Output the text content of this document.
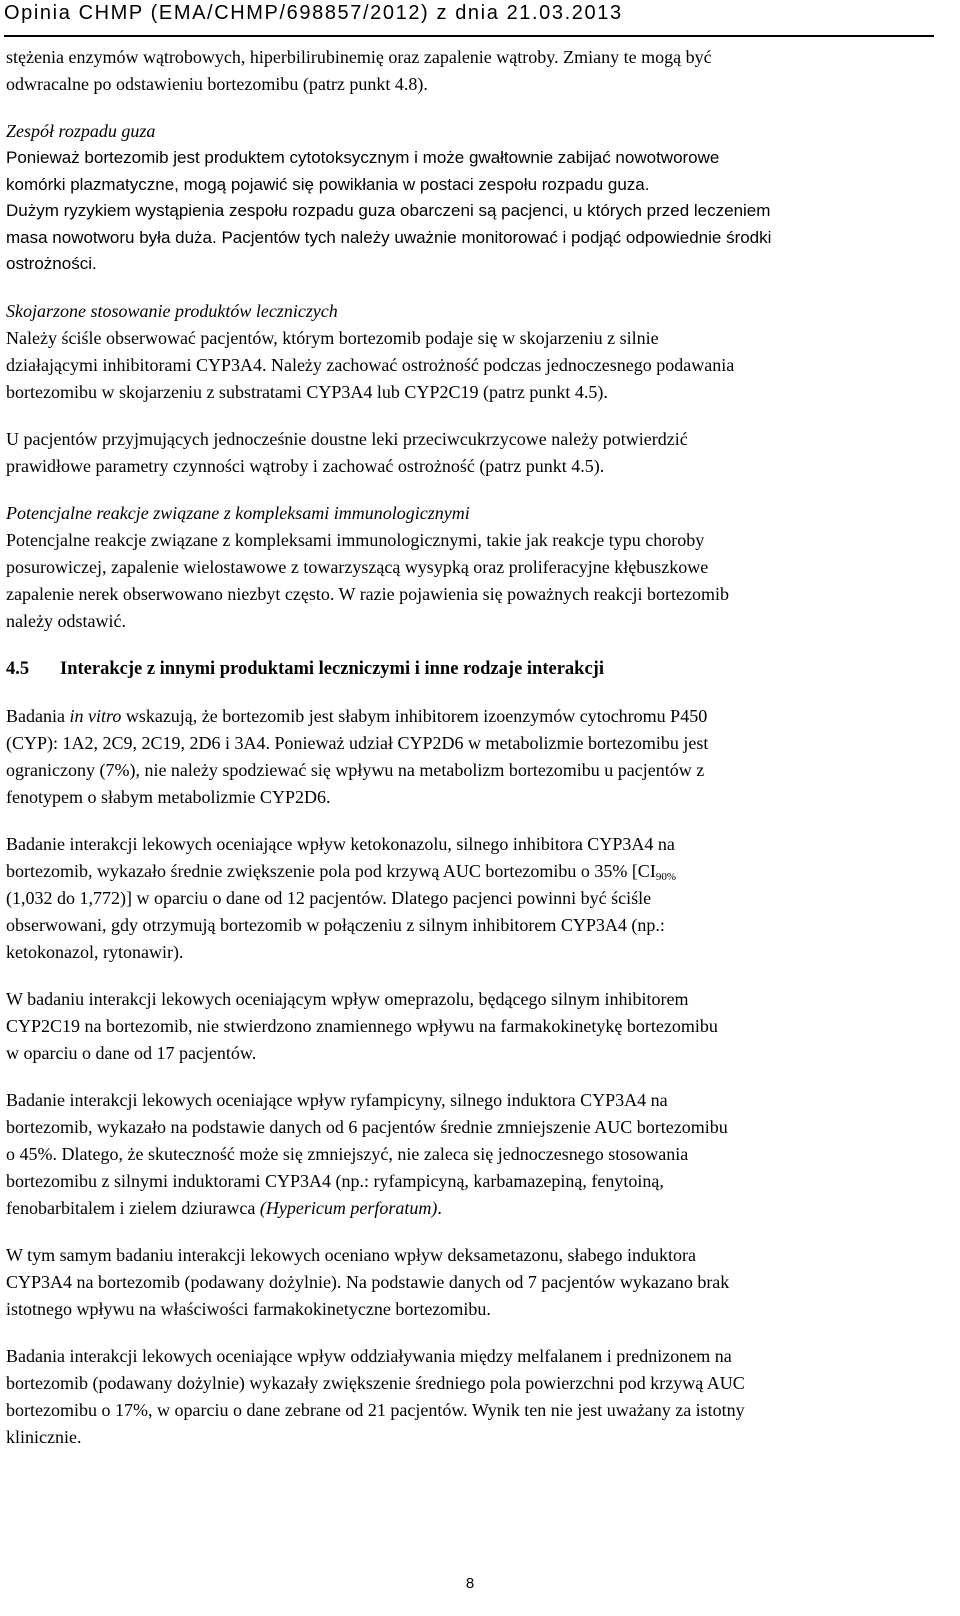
Opinia CHMP (EMA/CHMP/698857/2012) z dnia 21.03.2013

stężenia enzymów wątrobowych, hiperbilirubinemię oraz zapalenie wątroby. Zmiany te mogą być
odwracalne po odstawieniu bortezomibu (patrz punkt 4.8).

Zespół rozpadu guza

Ponieważ bortezomib jest produktem cytotoksycznym i może gwałtownie zabijać nowotworowe
komórki plazmatyczne, mogą pojawić się powikłania w postaci zespołu rozpadu guza.
Dużym ryzykiem wystąpienia zespołu rozpadu guza obarczeni są pacjenci, u których przed leczeniem
masa nowotworu była duża. Pacjentów tych należy uważnie monitorować i podjąć odpowiednie środki
ostrożności.

Skojarzone stosowanie produktów leczniczych

Należy ściśle obserwować pacjentów, którym bortezomib podaje się w skojarzeniu z silnie
działającymi inhibitorami CYP3A4. Należy zachować ostrożność podczas jednoczesnego podawania
bortezomibu w skojarzeniu z substratami CYP3A4 lub CYP2C19 (patrz punkt 4.5).

U pacjentów przyjmujących jednocześnie doustne leki przeciwcukrzycowe należy potwierdzić
prawidłowe parametry czynności wątroby i zachować ostrożność (patrz punkt 4.5).

Potencjalne reakcje związane z kompleksami immunologicznymi

Potencjalne reakcje związane z kompleksami immunologicznymi, takie jak reakcje typu choroby
posurowiczej, zapalenie wielostawowe z towarzyszącą wysypką oraz proliferacyjne kłębuszkowe
zapalenie nerek obserwowano niezbyt często. W razie pojawienia się poważnych reakcji bortezomib
należy odstawić.

4.5 Interakcje z innymi produktami leczniczymi i inne rodzaje interakcji

Badania in vitro wskazują, że bortezomib jest słabym inhibitorem izoenzymów cytochromu P450
(CYP): 1A2, 2C9, 2C19, 2D6 i 3A4. Ponieważ udział CYP2D6 w metabolizmie bortezomibu jest
ograniczony (7%), nie należy spodziewać się wpływu na metabolizm bortezomibu u pacjentów z
fenotypem o słabym metabolizmie CYP2D6.

Badanie interakcji lekowych oceniające wpływ ketokonazolu, silnego inhibitora CYP3A4 na
bortezomib, wykazało średnie zwiększenie pola pod krzywą AUC bortezomibu o 35% [$CI_{90\%}$
(1,032 do 1,772)] w oparciu o dane od 12 pacjentów. Dlatego pacjenci powinni być ściśle
obserwowani, gdy otrzymują bortezomib w połączeniu z silnym inhibitorem CYP3A4 (np.:
ketokonazol, rytonawir).

W badaniu interakcji lekowych oceniającym wpływ omeprazolu, będącego silnym inhibitorem
CYP2C19 na bortezomib, nie stwierdzono znamiennego wpływu na farmakokinetykę bortezomibu
w oparciu o dane od 17 pacjentów.

Badanie interakcji lekowych oceniające wpływ ryfampicyny, silnego induktora CYP3A4 na
bortezomib, wykazało na podstawie danych od 6 pacjentów średnie zmniejszenie AUC bortezomibu
o 45%. Dlatego, że skuteczność może się zmniejszyć, nie zaleca się jednoczesnego stosowania
bortezomibu z silnymi induktorami CYP3A4 (np.: ryfampicyną, karbamazepiną, fenytoiną,
fenobarbitalem i zielem dziurawca (Hypericum perforatum).

W tym samym badaniu interakcji lekowych oceniano wpływ deksametazonu, słabego induktora
CYP3A4 na bortezomib (podawany dożylnie). Na podstawie danych od 7 pacjentów wykazano brak
istotnego wpływu na właściwości farmakokinetyczne bortezomibu.

Badania interakcji lekowych oceniające wpływ oddziaływania między melfalanem i prednizonem na
bortezomib (podawany dożylnie) wykazały zwiększenie średniego pola powierzchni pod krzywą AUC
bortezomibu o 17%, w oparciu o dane zebrane od 21 pacjentów. Wynik ten nie jest uważany za istotny
klinicznie.

8
